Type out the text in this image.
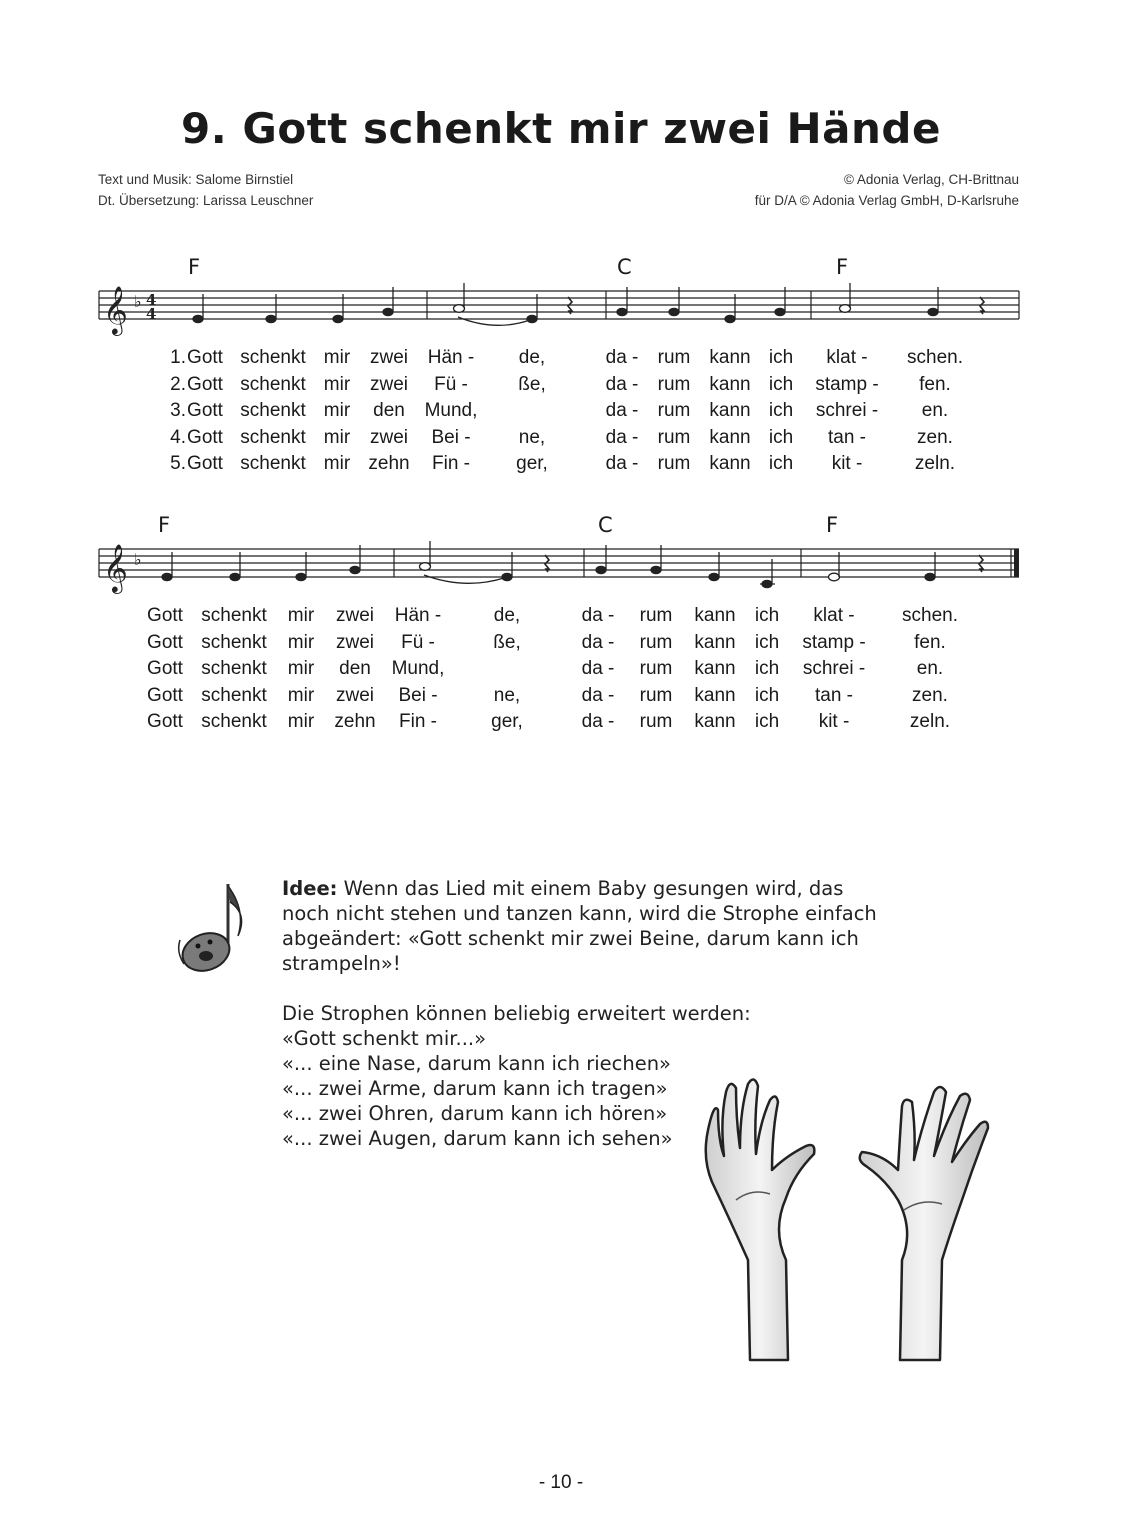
9. Gott schenkt mir zwei Hände
Text und Musik: Salome Birnstiel
Dt. Übersetzung: Larissa Leuschner
© Adonia Verlag, CH-Brittnau
für D/A © Adonia Verlag GmbH, D-Karlsruhe
F	C	F
𝄞 ♭ 4
4
1. Gott schenkt mir zwei Hän - de,	da - rum kann ich klat - schen.
2. Gott schenkt mir zwei Fü -	ße,	da - rum kann ich stamp - fen.
3. Gott schenkt mir den Mund,	da - rum kann ich schrei - en.
4. Gott schenkt mir zwei Bei -	ne,	da - rum kann ich tan -	zen.
5. Gott schenkt mir zehn Fin - ger,	da - rum kann ich kit -	zeln.
F	C	F
𝄞 ♭
Gott schenkt mir zwei Hän -	de,	da - rum kann ich klat - schen.
Gott schenkt mir zwei Fü -	ße,	da - rum kann ich stamp -	fen.
Gott schenkt mir den Mund,	da - rum kann ich schrei -	en.
Gott schenkt mir zwei Bei -	ne,	da - rum kann ich tan -	zen.
Gott schenkt mir zehn Fin -	ger,	da - rum kann ich kit -	zeln.

Idee: Wenn das Lied mit einem Baby gesungen wird, das noch nicht stehen und tanzen kann, wird die Strophe einfach abgeändert: «Gott schenkt mir zwei Beine, darum kann ich strampeln»!

Die Strophen können beliebig erweitert werden:

«Gott schenkt mir...»

«... eine Nase, darum kann ich riechen»

«... zwei Arme, darum kann ich tragen»

«... zwei Ohren, darum kann ich hören»

«... zwei Augen, darum kann ich sehen»

- 10 -
